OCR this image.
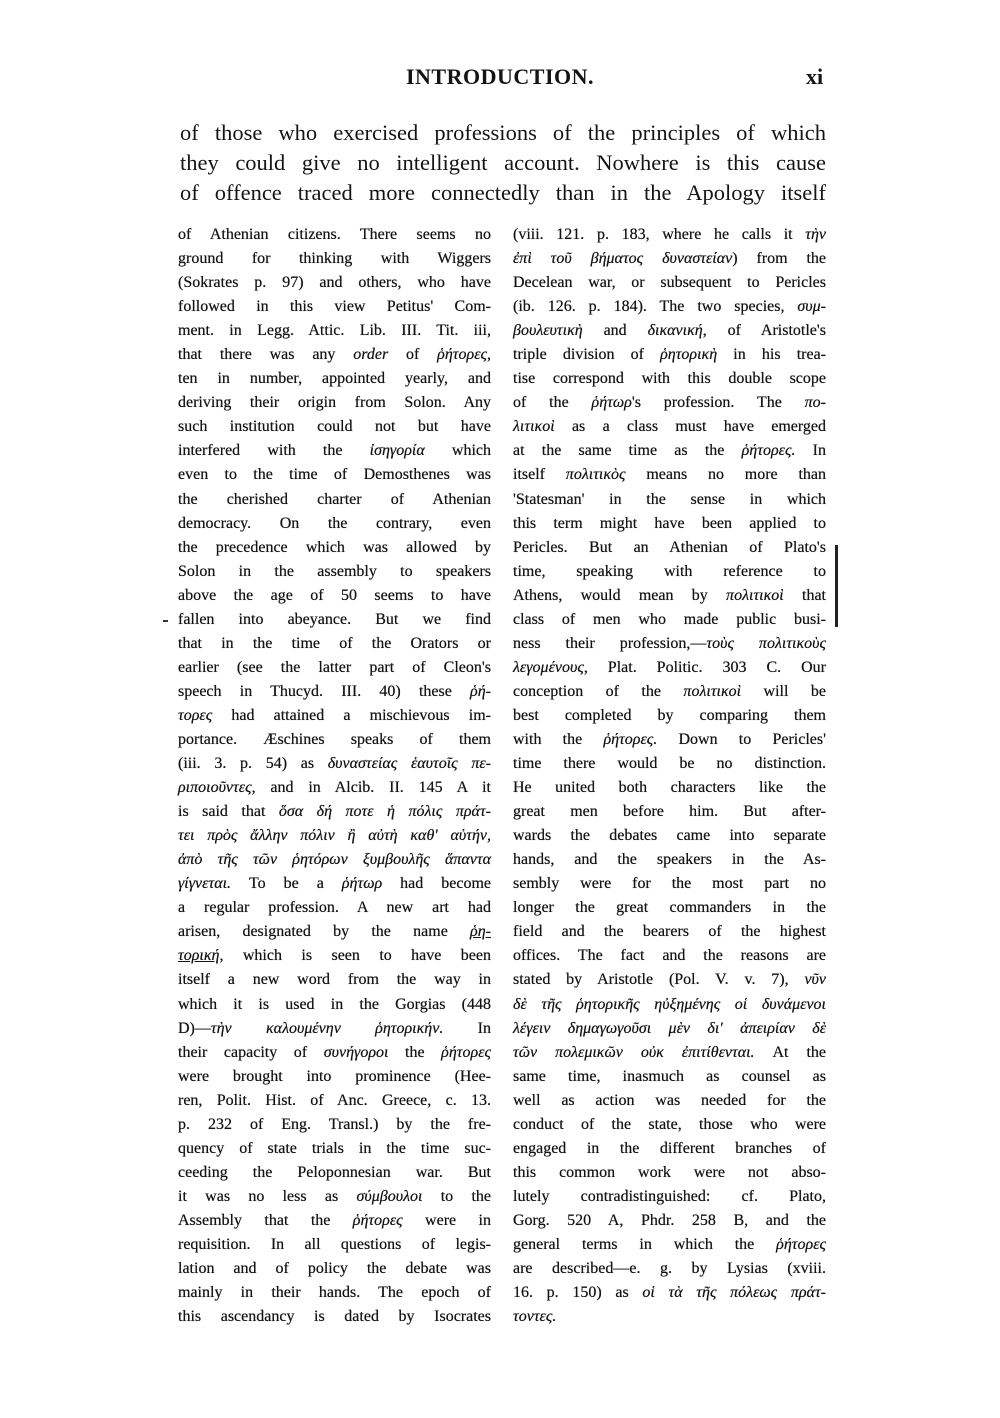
INTRODUCTION.	xi
of those who exercised professions of the principles of which
they could give no intelligent account. Nowhere is this cause
of offence traced more connectedly than in the Apology itself
of Athenian citizens. There seems no
ground for thinking with Wiggers
(Sokrates p. 97) and others, who have
followed in this view Petitus' Com-
ment. in Legg. Attic. Lib. III. Tit. iii,
that there was any order of ῥήτορες,
ten in number, appointed yearly, and
deriving their origin from Solon. Any
such institution could not but have
interfered with the ἰσηγορία which
even to the time of Demosthenes was
the cherished charter of Athenian
democracy. On the contrary, even
the precedence which was allowed by
Solon in the assembly to speakers
above the age of 50 seems to have
fallen into abeyance. But we find
that in the time of the Orators or
earlier (see the latter part of Cleon's
speech in Thucyd. III. 40) these ῥή-
τορες had attained a mischievous im-
portance. Æschines speaks of them
(iii. 3. p. 54) as δυναστείας ἑαυτοῖς πε-
ριποιοῦντες, and in Alcib. II. 145 A it
is said that ὅσα δή ποτε ἡ πόλις πράτ-
τει πρὸς ἄλλην πόλιν ἢ αὐτὴ καθ' αὑτήν,
ἀπὸ τῆς τῶν ῥητόρων ξυμβουλῆς ἅπαντα
γίγνεται. To be a ῥήτωρ had become
a regular profession. A new art had
arisen, designated by the name ῥη-
τορική, which is seen to have been
itself a new word from the way in
which it is used in the Gorgias (448
D)—τὴν καλουμένην ῥητορικήν. In
their capacity of συνήγοροι the ῥήτορες
were brought into prominence (Hee-
ren, Polit. Hist. of Anc. Greece, c. 13.
p. 232 of Eng. Transl.) by the fre-
quency of state trials in the time suc-
ceeding the Peloponnesian war. But
it was no less as σύμβουλοι to the
Assembly that the ῥήτορες were in
requisition. In all questions of legis-
lation and of policy the debate was
mainly in their hands. The epoch of
this ascendancy is dated by Isocrates
(viii. 121. p. 183, where he calls it τὴν
ἐπὶ τοῦ βήματος δυναστείαν) from the
Decelean war, or subsequent to Pericles
(ib. 126. p. 184). The two species, συμ-
βουλευτικὴ and δικανική, of Aristotle's
triple division of ῥητορικὴ in his trea-
tise correspond with this double scope
of the ῥήτωρ's profession. The πο-
λιτικοὶ as a class must have emerged
at the same time as the ῥήτορες. In
itself πολιτικὸς means no more than
'Statesman' in the sense in which
this term might have been applied to
Pericles. But an Athenian of Plato's
time, speaking with reference to
Athens, would mean by πολιτικοὶ that
class of men who made public busi-
ness their profession,—τοὺς πολιτικοὺς
λεγομένους, Plat. Politic. 303 C. Our
conception of the πολιτικοὶ will be
best completed by comparing them
with the ῥήτορες. Down to Pericles'
time there would be no distinction.
He united both characters like the
great men before him. But after-
wards the debates came into separate
hands, and the speakers in the As-
sembly were for the most part no
longer the great commanders in the
field and the bearers of the highest
offices. The fact and the reasons are
stated by Aristotle (Pol. V. v. 7), νῦν
δὲ τῆς ῥητορικῆς ηὐξημένης οἱ δυνάμενοι
λέγειν δημαγωγοῦσι μὲν δι' ἀπειρίαν δὲ
τῶν πολεμικῶν οὐκ ἐπιτίθενται. At the
same time, inasmuch as counsel as
well as action was needed for the
conduct of the state, those who were
engaged in the different branches of
this common work were not abso-
lutely contradistinguished: cf. Plato,
Gorg. 520 A, Phdr. 258 B, and the
general terms in which the ῥήτορες
are described—e. g. by Lysias (xviii.
16. p. 150) as οἱ τὰ τῆς πόλεως πράτ-
τοντες.
